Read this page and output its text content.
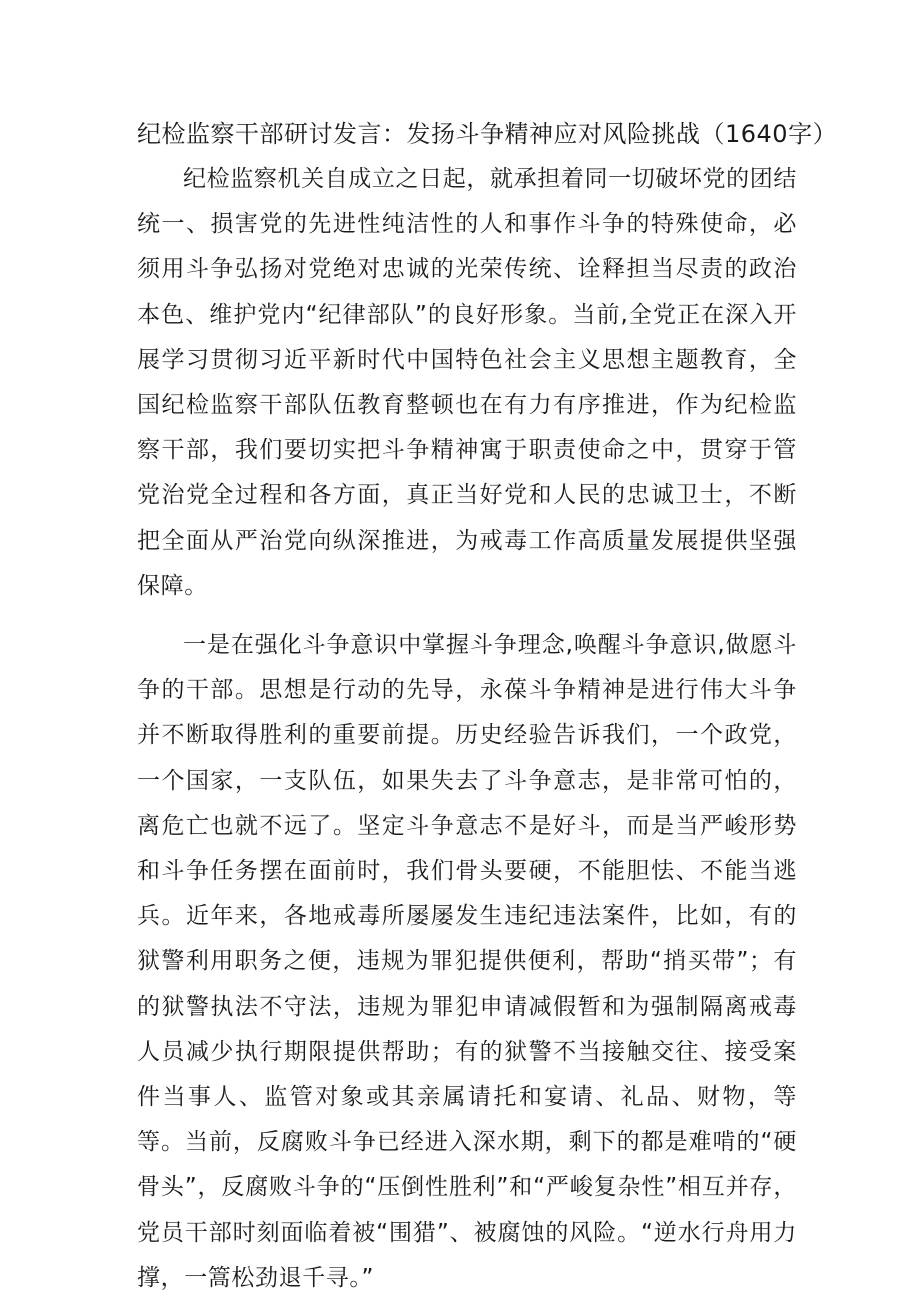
纪检监察干部研讨发言：发扬斗争精神应对风险挑战（1640字）

纪检监察机关自成立之日起，就承担着同一切破坏党的团结统一、损害党的先进性纯洁性的人和事作斗争的特殊使命，必须用斗争弘扬对党绝对忠诚的光荣传统、诠释担当尽责的政治本色、维护党内“纪律部队”的良好形象。当前,全党正在深入开展学习贯彻习近平新时代中国特色社会主义思想主题教育，全国纪检监察干部队伍教育整顿也在有力有序推进，作为纪检监察干部，我们要切实把斗争精神寓于职责使命之中，贯穿于管党治党全过程和各方面，真正当好党和人民的忠诚卫士，不断把全面从严治党向纵深推进，为戒毒工作高质量发展提供坚强保障。

一是在强化斗争意识中掌握斗争理念,唤醒斗争意识,做愿斗争的干部。思想是行动的先导，永葆斗争精神是进行伟大斗争并不断取得胜利的重要前提。历史经验告诉我们，一个政党，一个国家，一支队伍，如果失去了斗争意志，是非常可怕的，离危亡也就不远了。坚定斗争意志不是好斗，而是当严峻形势和斗争任务摆在面前时，我们骨头要硬，不能胆怯、不能当逃兵。近年来，各地戒毒所屡屡发生违纪违法案件，比如，有的狱警利用职务之便，违规为罪犯提供便利，帮助“捎买带”；有的狱警执法不守法，违规为罪犯申请减假暂和为强制隔离戒毒人员减少执行期限提供帮助；有的狱警不当接触交往、接受案件当事人、监管对象或其亲属请托和宴请、礼品、财物，等等。当前，反腐败斗争已经进入深水期，剩下的都是难啃的“硬骨头”，反腐败斗争的“压倒性胜利”和“严峻复杂性”相互并存，党员干部时刻面临着被“围猎”、被腐蚀的风险。“逆水行舟用力撑，一篙松劲退千寻。”
